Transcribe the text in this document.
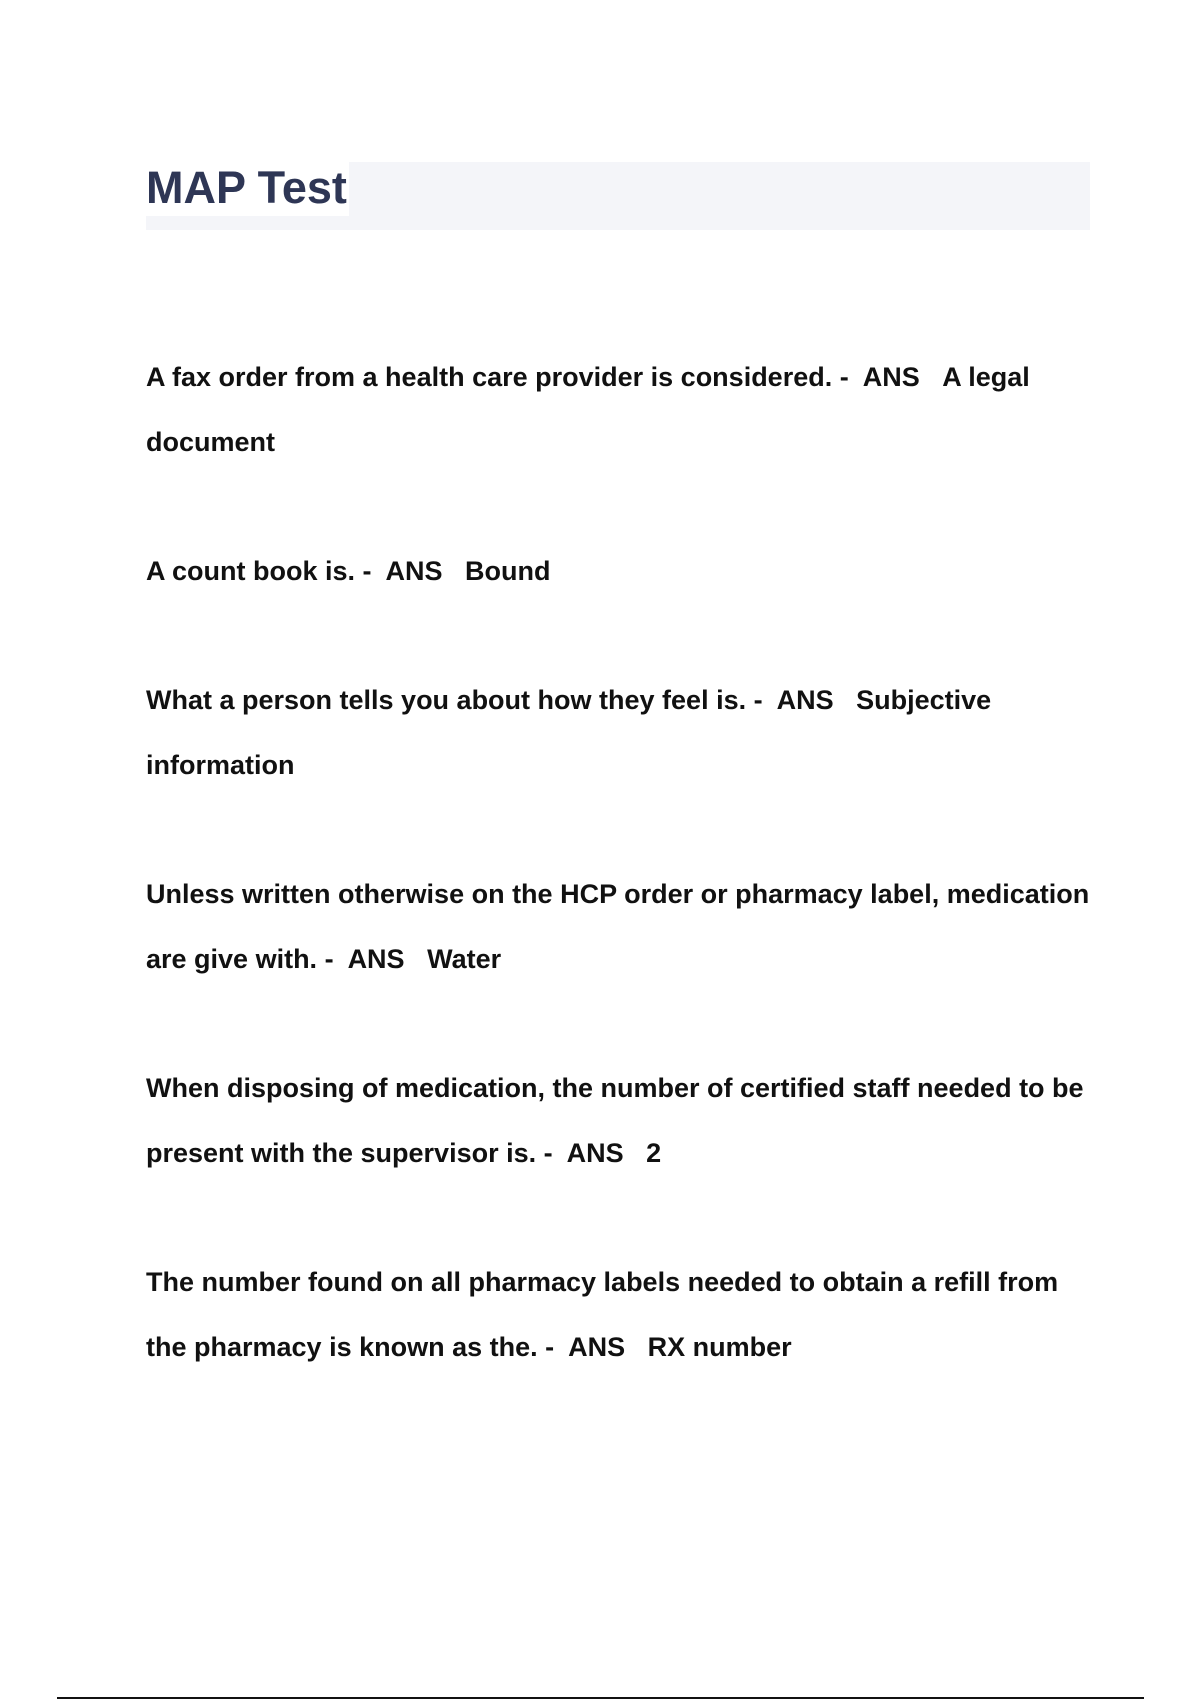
MAP Test

A fax order from a health care provider is considered. -  ANS A legal document

A count book is. -  ANS Bound

What a person tells you about how they feel is. -  ANS Subjective information

Unless written otherwise on the HCP order or pharmacy label, medication are give with. -  ANS Water

When disposing of medication, the number of certified staff needed to be present with the supervisor is. -  ANS 2

The number found on all pharmacy labels needed to obtain a refill from the pharmacy is known as the. -  ANS RX number
